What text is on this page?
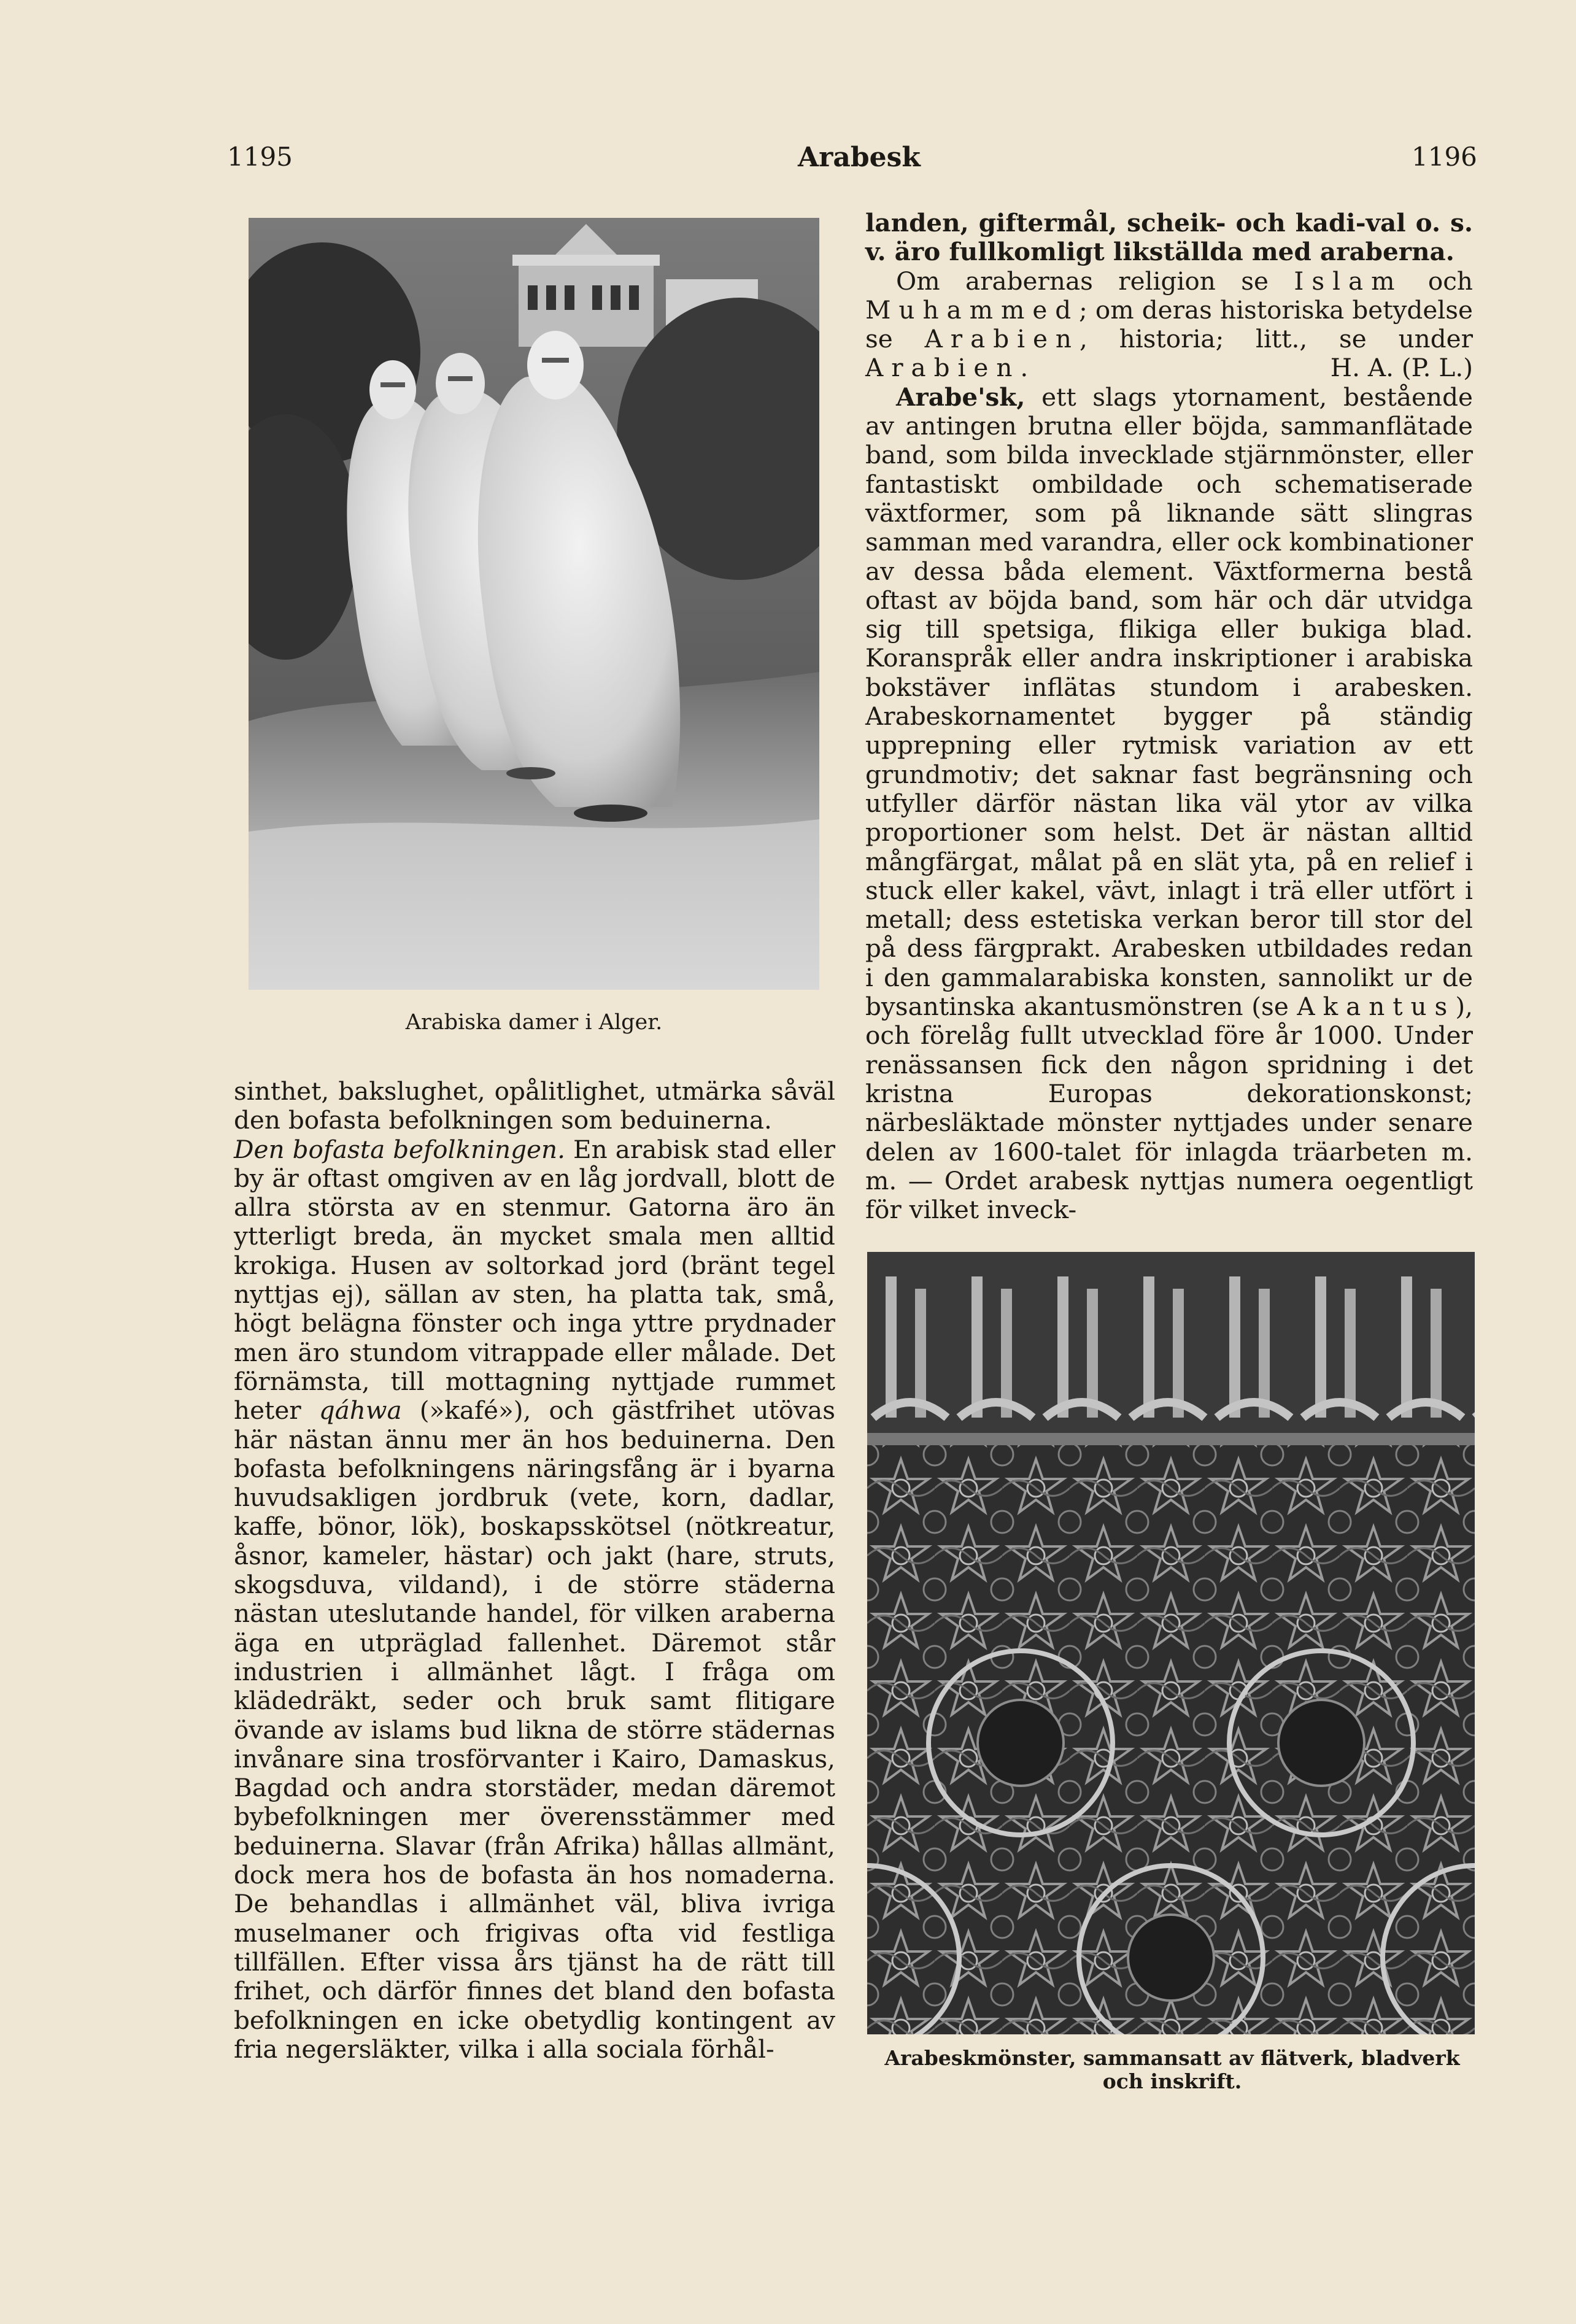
1195	Arabesk	1196
Arabiska damer i Alger.

sinthet, bakslughet, opålitlighet, utmärka såväl den bofasta befolkningen som beduinerna.

Den bofasta befolkningen. En arabisk stad eller by är oftast omgiven av en låg jordvall, blott de allra största av en stenmur. Gatorna äro än ytterligt breda, än mycket smala men alltid krokiga. Husen av soltorkad jord (bränt tegel nyttjas ej), sällan av sten, ha platta tak, små, högt belägna fönster och inga yttre prydnader men äro stundom vitrappade eller målade. Det förnämsta, till mottagning nyttjade rummet heter qáhwa (»kafé»), och gästfrihet utövas här nästan ännu mer än hos beduinerna. Den bofasta befolkningens näringsfång är i byarna huvudsakligen jordbruk (vete, korn, dadlar, kaffe, bönor, lök), boskapsskötsel (nötkreatur, åsnor, kameler, hästar) och jakt (hare, struts, skogsduva, vildand), i de större städerna nästan uteslutande handel, för vilken araberna äga en utpräglad fallenhet. Däremot står industrien i allmänhet lågt. I fråga om klädedräkt, seder och bruk samt flitigare övande av islams bud likna de större städernas invånare sina trosförvanter i Kairo, Damaskus, Bagdad och andra storstäder, medan däremot bybefolkningen mer överensstämmer med beduinerna. Slavar (från Afrika) hållas allmänt, dock mera hos de bofasta än hos nomaderna. De behandlas i allmänhet väl, bliva ivriga muselmaner och frigivas ofta vid festliga tillfällen. Efter vissa års tjänst ha de rätt till frihet, och därför finnes det bland den bofasta befolkningen en icke obetydlig kontingent av fria negersläkter, vilka i alla sociala förhål-

landen, giftermål, scheik- och kadi-val o. s. v. äro fullkomligt likställda med araberna.

Om arabernas religion se Islam och Muhammed; om deras historiska betydelse se Arabien, historia; litt., se under Arabien.	H. A. (P. L.)

Arabe'sk, ett slags ytornament, bestående av antingen brutna eller böjda, sammanflätade band, som bilda invecklade stjärnmönster, eller fantastiskt ombildade och schematiserade växtformer, som på liknande sätt slingras samman med varandra, eller ock kombinationer av dessa båda element. Växtformerna bestå oftast av böjda band, som här och där utvidga sig till spetsiga, flikiga eller bukiga blad. Koranspråk eller andra inskriptioner i arabiska bokstäver inflätas stundom i arabesken. Arabeskornamentet bygger på ständig upprepning eller rytmisk variation av ett grundmotiv; det saknar fast begränsning och utfyller därför nästan lika väl ytor av vilka proportioner som helst. Det är nästan alltid mångfärgat, målat på en slät yta, på en relief i stuck eller kakel, vävt, inlagt i trä eller utfört i metall; dess estetiska verkan beror till stor del på dess färgprakt. Arabesken utbildades redan i den gammalarabiska konsten, sannolikt ur de bysantinska akantusmönstren (se Akantus), och förelåg fullt utvecklad före år 1000. Under renässansen fick den någon spridning i det kristna Europas dekorationskonst; närbesläktade mönster nyttjades under senare delen av 1600-talet för inlagda träarbeten m. m. — Ordet arabesk nyttjas numera oegentligt för vilket inveck-

Arabeskmönster, sammansatt av flätverk, bladverk
och inskrift.
